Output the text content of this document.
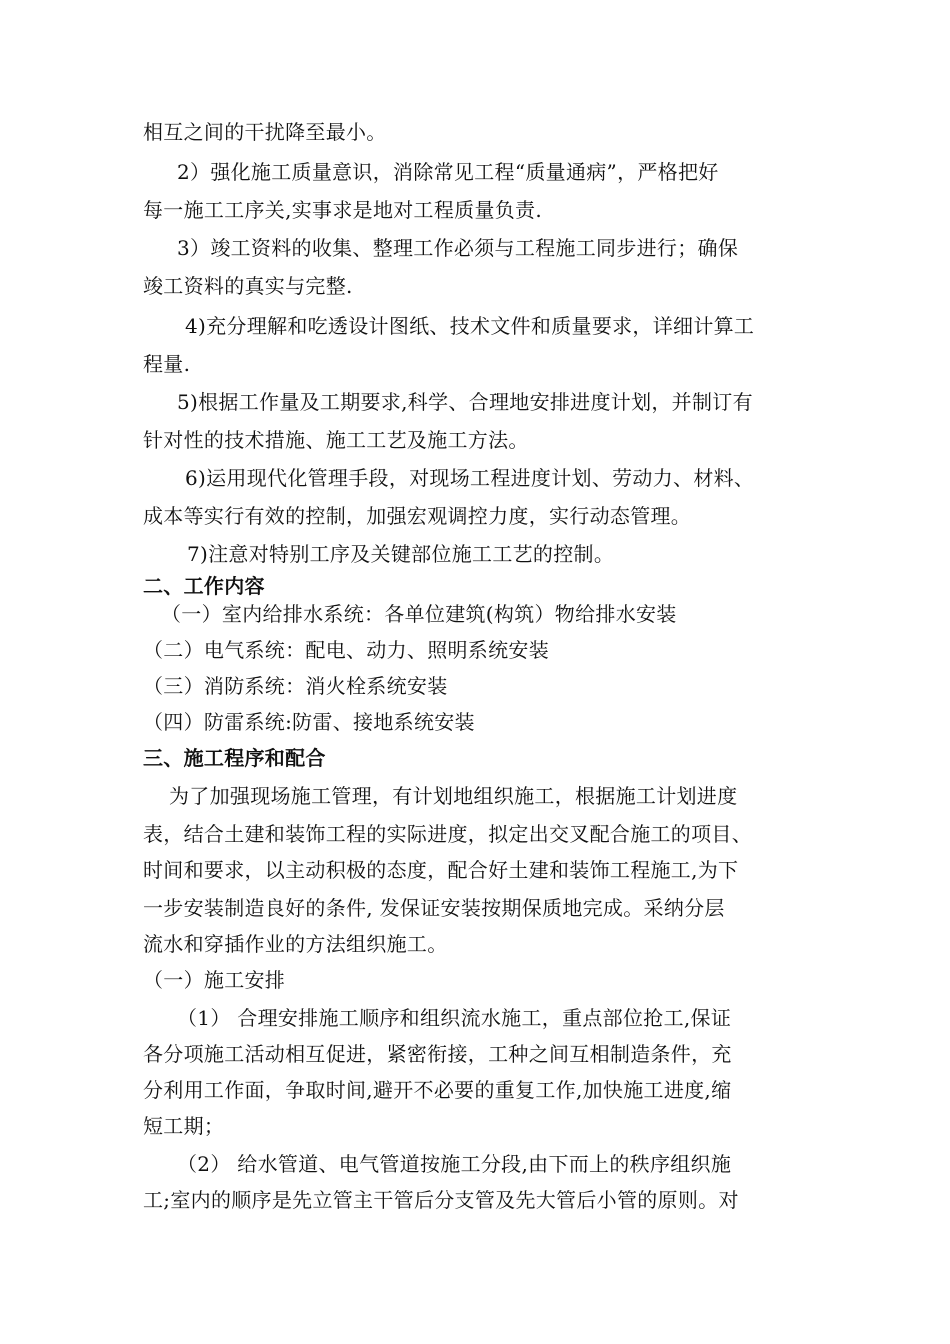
相互之间的干扰降至最小。
2）强化施工质量意识，消除常见工程“质量通病”，严格把好
每一施工工序关,实事求是地对工程质量负责.
3）竣工资料的收集、整理工作必须与工程施工同步进行；确保
竣工资料的真实与完整.
4)充分理解和吃透设计图纸、技术文件和质量要求，详细计算工
程量.
5)根据工作量及工期要求,科学、合理地安排进度计划，并制订有
针对性的技术措施、施工工艺及施工方法。
6)运用现代化管理手段，对现场工程进度计划、劳动力、材料、
成本等实行有效的控制，加强宏观调控力度，实行动态管理。
7)注意对特别工序及关键部位施工工艺的控制。
二、工作内容
（一）室内给排水系统：各单位建筑(构筑）物给排水安装
（二）电气系统：配电、动力、照明系统安装
（三）消防系统：消火栓系统安装
（四）防雷系统:防雷、接地系统安装
三、施工程序和配合
为了加强现场施工管理，有计划地组织施工，根据施工计划进度
表，结合土建和装饰工程的实际进度，拟定出交叉配合施工的项目、
时间和要求，以主动积极的态度，配合好土建和装饰工程施工,为下
一步安装制造良好的条件, 发保证安装按期保质地完成。采纳分层
流水和穿插作业的方法组织施工。
（一）施工安排
（1） 合理安排施工顺序和组织流水施工，重点部位抢工,保证
各分项施工活动相互促进，紧密衔接，工种之间互相制造条件，充
分利用工作面，争取时间,避开不必要的重复工作,加快施工进度,缩
短工期；
（2） 给水管道、电气管道按施工分段,由下而上的秩序组织施
工;室内的顺序是先立管主干管后分支管及先大管后小管的原则。对
